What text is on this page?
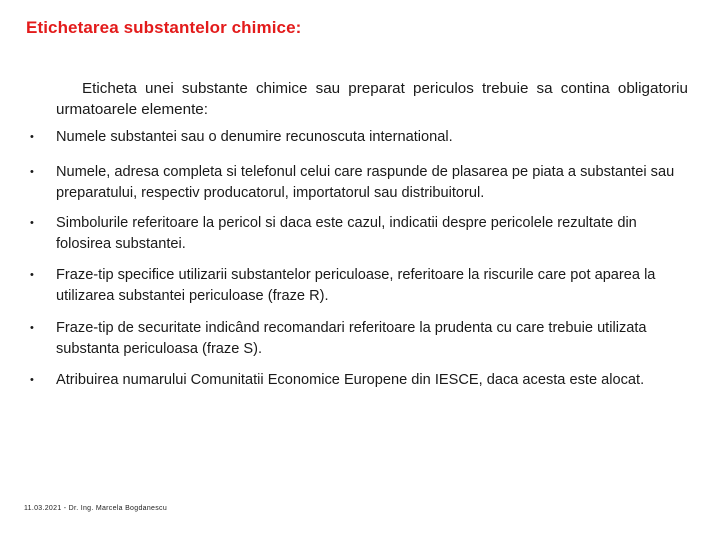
Etichetarea substantelor chimice:
Eticheta unei substante chimice sau preparat periculos trebuie sa contina obligatoriu urmatoarele elemente:
• Numele substantei sau o denumire recunoscuta international.
• Numele, adresa completa si telefonul celui care raspunde de plasarea pe piata a substantei sau preparatului, respectiv producatorul, importatorul sau distribuitorul.
• Simbolurile referitoare la pericol si daca este cazul, indicatii despre pericolele rezultate din folosirea substantei.
• Fraze-tip specifice utilizarii substantelor periculoase, referitoare la riscurile care pot aparea la utilizarea substantei periculoase (fraze R).
• Fraze-tip de securitate indicând recomandari referitoare la prudenta cu care trebuie utilizata substanta periculoasa (fraze S).
• Atribuirea numarului Comunitatii Economice Europene din IESCE, daca acesta este alocat.
11.03.2021 - Dr. Ing. Marcela Bogdanescu
